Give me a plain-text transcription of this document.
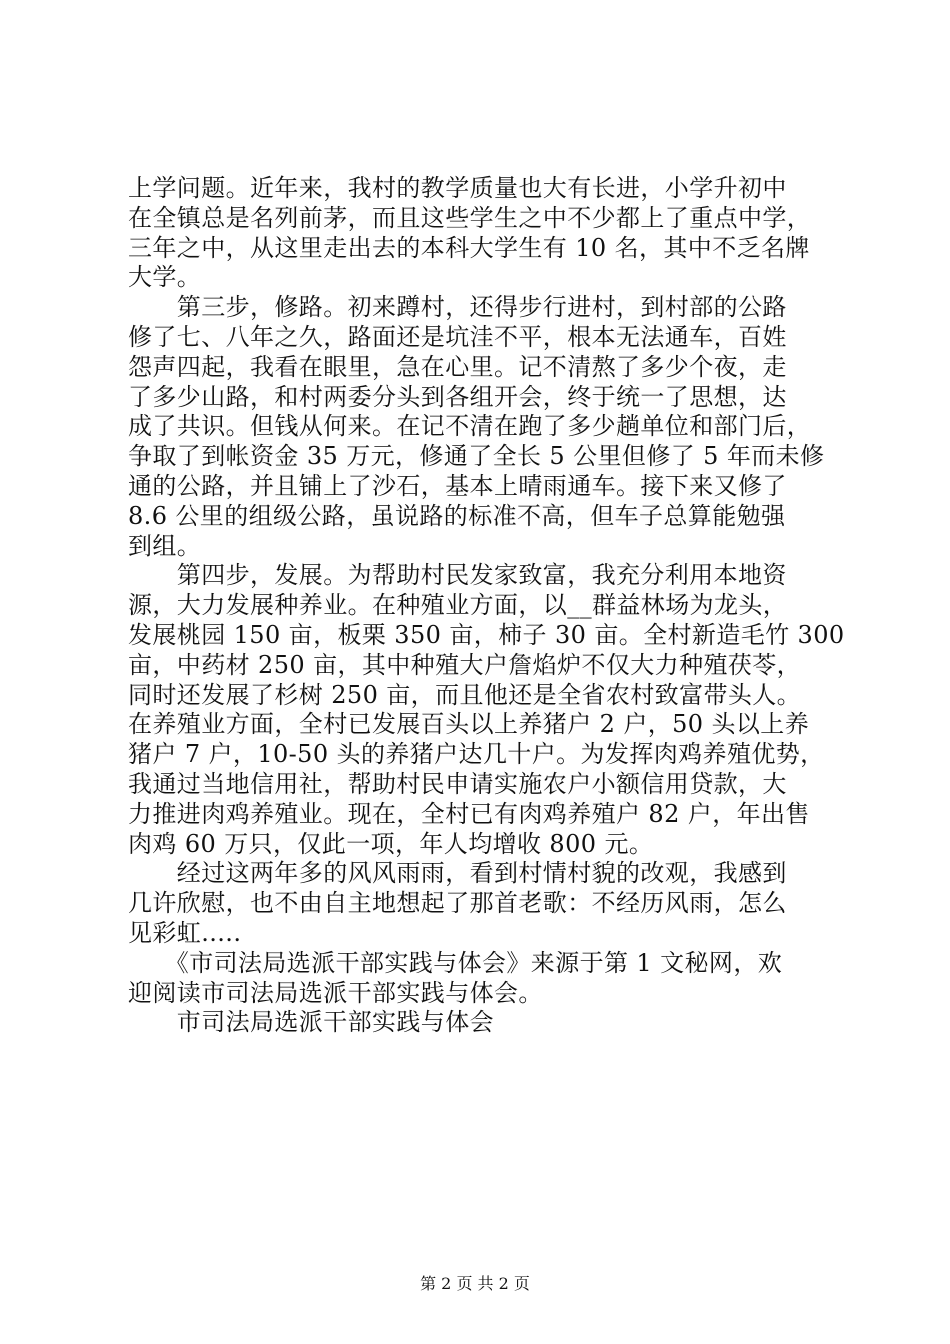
上学问题。近年来，我村的教学质量也大有长进，小学升初中

在全镇总是名列前茅，而且这些学生之中不少都上了重点中学，

三年之中，从这里走出去的本科大学生有 10 名，其中不乏名牌

大学。

　　第三步，修路。初来蹲村，还得步行进村，到村部的公路

修了七、八年之久，路面还是坑洼不平，根本无法通车，百姓

怨声四起，我看在眼里，急在心里。记不清熬了多少个夜，走

了多少山路，和村两委分头到各组开会，终于统一了思想，达

成了共识。但钱从何来。在记不清在跑了多少趟单位和部门后，

争取了到帐资金 35 万元，修通了全长 5 公里但修了 5 年而未修

通的公路，并且铺上了沙石，基本上晴雨通车。接下来又修了

8.6 公里的组级公路，虽说路的标准不高，但车子总算能勉强

到组。

　　第四步，发展。为帮助村民发家致富，我充分利用本地资

源，大力发展种养业。在种殖业方面，以__群益林场为龙头，

发展桃园 150 亩，板栗 350 亩，柿子 30 亩。全村新造毛竹 300

亩，中药材 250 亩，其中种殖大户詹焰炉不仅大力种殖茯苓，

同时还发展了杉树 250 亩，而且他还是全省农村致富带头人。

在养殖业方面，全村已发展百头以上养猪户 2 户，50 头以上养

猪户 7 户，10-50 头的养猪户达几十户。为发挥肉鸡养殖优势，

我通过当地信用社，帮助村民申请实施农户小额信用贷款，大

力推进肉鸡养殖业。现在，全村已有肉鸡养殖户 82 户，年出售

肉鸡 60 万只，仅此一项，年人均增收 800 元。

　　经过这两年多的风风雨雨，看到村情村貌的改观，我感到

几许欣慰，也不由自主地想起了那首老歌：不经历风雨，怎么

见彩虹.....

　　《市司法局选派干部实践与体会》来源于第 1 文秘网，欢

迎阅读市司法局选派干部实践与体会。

　　市司法局选派干部实践与体会

第 2 页 共 2 页
